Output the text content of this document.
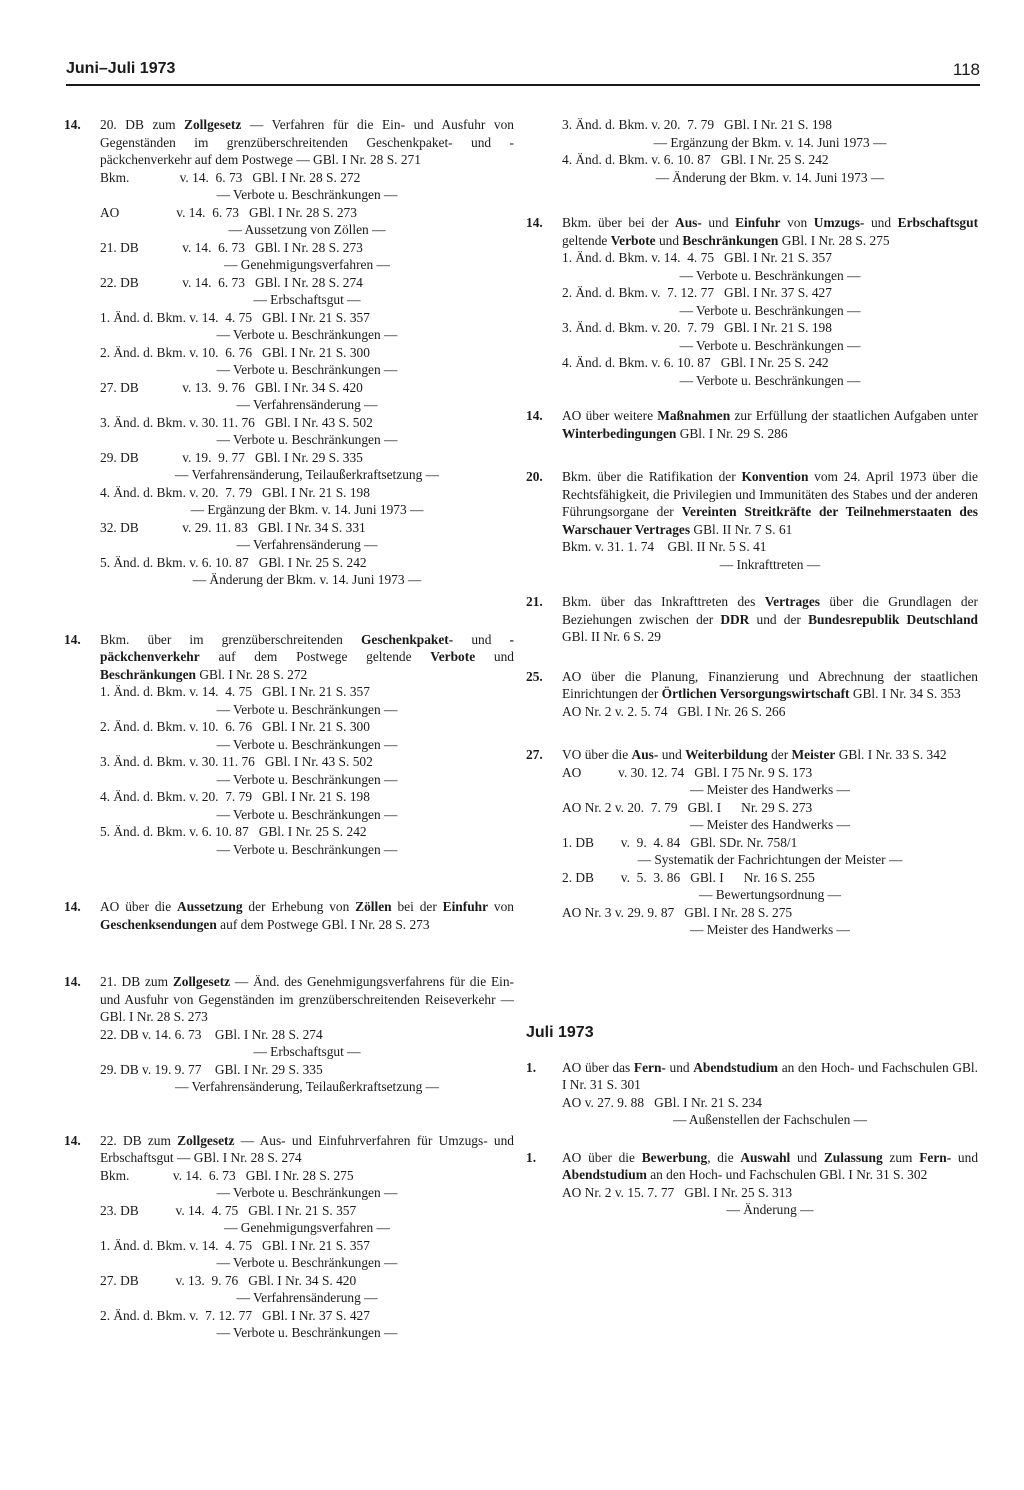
Juni–Juli 1973	118
14. 20. DB zum Zollgesetz — Verfahren für die Ein- und Ausfuhr von Gegenständen im grenzüberschreitenden Geschenkpaket- und -päckchenverkehr auf dem Postwege — GBl. I Nr. 28 S. 271
Bkm.               v. 14.  6. 73   GBl. I Nr. 28 S. 272
— Verbote u. Beschränkungen —
AO                 v. 14.  6. 73   GBl. I Nr. 28 S. 273
— Aussetzung von Zöllen —
21. DB             v. 14.  6. 73   GBl. I Nr. 28 S. 273
— Genehmigungsverfahren —
22. DB             v. 14.  6. 73   GBl. I Nr. 28 S. 274
— Erbschaftsgut —
1. Änd. d. Bkm. v. 14.  4. 75   GBl. I Nr. 21 S. 357
— Verbote u. Beschränkungen —
2. Änd. d. Bkm. v. 10.  6. 76   GBl. I Nr. 21 S. 300
— Verbote u. Beschränkungen —
27. DB             v. 13.  9. 76   GBl. I Nr. 34 S. 420
— Verfahrensänderung —
3. Änd. d. Bkm. v. 30. 11. 76   GBl. I Nr. 43 S. 502
— Verbote u. Beschränkungen —
29. DB             v. 19.  9. 77   GBl. I Nr. 29 S. 335
— Verfahrensänderung, Teilaußerkraftsetzung —
4. Änd. d. Bkm. v. 20.  7. 79   GBl. I Nr. 21 S. 198
— Ergänzung der Bkm. v. 14. Juni 1973 —
32. DB             v. 29. 11. 83   GBl. I Nr. 34 S. 331
— Verfahrensänderung —
5. Änd. d. Bkm. v. 6. 10. 87   GBl. I Nr. 25 S. 242
— Änderung der Bkm. v. 14. Juni 1973 —
14. Bkm. über im grenzüberschreitenden Geschenkpaket- und -päckchenverkehr auf dem Postwege geltende Verbote und Beschränkungen GBl. I Nr. 28 S. 272
1. Änd. d. Bkm. v. 14.  4. 75   GBl. I Nr. 21 S. 357
— Verbote u. Beschränkungen —
2. Änd. d. Bkm. v. 10.  6. 76   GBl. I Nr. 21 S. 300
— Verbote u. Beschränkungen —
3. Änd. d. Bkm. v. 30. 11. 76   GBl. I Nr. 43 S. 502
— Verbote u. Beschränkungen —
4. Änd. d. Bkm. v. 20.  7. 79   GBl. I Nr. 21 S. 198
— Verbote u. Beschränkungen —
5. Änd. d. Bkm. v. 6. 10. 87   GBl. I Nr. 25 S. 242
— Verbote u. Beschränkungen —
14. AO über die Aussetzung der Erhebung von Zöllen bei der Einfuhr von Geschenksendungen auf dem Postwege GBl. I Nr. 28 S. 273
14. 21. DB zum Zollgesetz — Änd. des Genehmigungsverfahrens für die Ein- und Ausfuhr von Gegenständen im grenzüberschreitenden Reiseverkehr — GBl. I Nr. 28 S. 273
22. DB v. 14. 6. 73    GBl. I Nr. 28 S. 274
— Erbschaftsgut —
29. DB v. 19. 9. 77    GBl. I Nr. 29 S. 335
— Verfahrensänderung, Teilaußerkraftsetzung —
14. 22. DB zum Zollgesetz — Aus- und Einfuhrverfahren für Umzugs- und Erbschaftsgut — GBl. I Nr. 28 S. 274
Bkm.             v. 14.  6. 73   GBl. I Nr. 28 S. 275
— Verbote u. Beschränkungen —
23. DB           v. 14.  4. 75   GBl. I Nr. 21 S. 357
— Genehmigungsverfahren —
1. Änd. d. Bkm. v. 14.  4. 75   GBl. I Nr. 21 S. 357
— Verbote u. Beschränkungen —
27. DB           v. 13.  9. 76   GBl. I Nr. 34 S. 420
— Verfahrensänderung —
2. Änd. d. Bkm. v.  7. 12. 77   GBl. I Nr. 37 S. 427
— Verbote u. Beschränkungen —
3. Änd. d. Bkm. v. 20.  7. 79   GBl. I Nr. 21 S. 198
— Ergänzung der Bkm. v. 14. Juni 1973 —
4. Änd. d. Bkm. v. 6. 10. 87   GBl. I Nr. 25 S. 242
— Änderung der Bkm. v. 14. Juni 1973 —
14. Bkm. über bei der Aus- und Einfuhr von Umzugs- und Erbschaftsgut geltende Verbote und Beschränkungen GBl. I Nr. 28 S. 275
1. Änd. d. Bkm. v. 14.  4. 75   GBl. I Nr. 21 S. 357
— Verbote u. Beschränkungen —
2. Änd. d. Bkm. v.  7. 12. 77   GBl. I Nr. 37 S. 427
— Verbote u. Beschränkungen —
3. Änd. d. Bkm. v. 20.  7. 79   GBl. I Nr. 21 S. 198
— Verbote u. Beschränkungen —
4. Änd. d. Bkm. v. 6. 10. 87   GBl. I Nr. 25 S. 242
— Verbote u. Beschränkungen —
14. AO über weitere Maßnahmen zur Erfüllung der staatlichen Aufgaben unter Winterbedingungen GBl. I Nr. 29 S. 286
20. Bkm. über die Ratifikation der Konvention vom 24. April 1973 über die Rechtsfähigkeit, die Privilegien und Immunitäten des Stabes und der anderen Führungsorgane der Vereinten Streitkräfte der Teilnehmerstaaten des Warschauer Vertrages GBl. II Nr. 7 S. 61
Bkm. v. 31. 1. 74    GBl. II Nr. 5 S. 41
— Inkrafttreten —
21. Bkm. über das Inkrafttreten des Vertrages über die Grundlagen der Beziehungen zwischen der DDR und der Bundesrepublik Deutschland GBl. II Nr. 6 S. 29
25. AO über die Planung, Finanzierung und Abrechnung der staatlichen Einrichtungen der Örtlichen Versorgungswirtschaft GBl. I Nr. 34 S. 353
AO Nr. 2 v. 2. 5. 74   GBl. I Nr. 26 S. 266
27. VO über die Aus- und Weiterbildung der Meister GBl. I Nr. 33 S. 342
AO           v. 30. 12. 74   GBl. I 75 Nr. 9 S. 173
— Meister des Handwerks —
AO Nr. 2 v. 20.  7. 79   GBl. I      Nr. 29 S. 273
— Meister des Handwerks —
1. DB        v.  9.  4. 84   GBl. SDr. Nr. 758/1
— Systematik der Fachrichtungen der Meister —
2. DB        v.  5.  3. 86   GBl. I      Nr. 16 S. 255
— Bewertungsordnung —
AO Nr. 3 v. 29. 9. 87   GBl. I Nr. 28 S. 275
— Meister des Handwerks —
Juli 1973
1. AO über das Fern- und Abendstudium an den Hoch- und Fachschulen GBl. I Nr. 31 S. 301
AO v. 27. 9. 88   GBl. I Nr. 21 S. 234
— Außenstellen der Fachschulen —
1. AO über die Bewerbung, die Auswahl und Zulassung zum Fern- und Abendstudium an den Hoch- und Fachschulen GBl. I Nr. 31 S. 302
AO Nr. 2 v. 15. 7. 77   GBl. I Nr. 25 S. 313
— Änderung —
